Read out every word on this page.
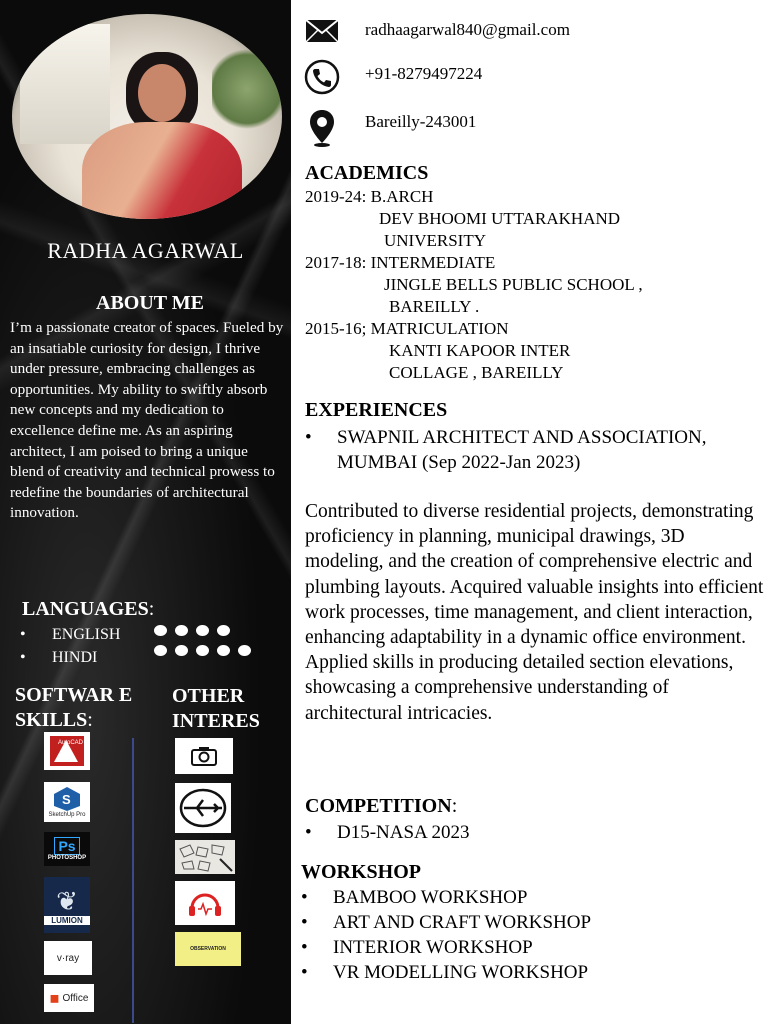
RADHA AGARWAL
ABOUT ME
I’m a passionate creator of spaces. Fueled by an insatiable curiosity for design, I thrive under pressure, embracing challenges as opportunities. My ability to swiftly absorb new concepts and my dedication to excellence define me. As an aspiring architect, I am poised to bring a unique blend of creativity and technical prowess to redefine the boundaries of architectural innovation.
LANGUAGES:
•	ENGLISH
•	HINDI
SOFTWAR E SKILLS:
OTHER INTERES
AutoCAD
S
SketchUp Pro
Ps
PHOTOSHOP
❦
LUMION
v·ray
◼ Office
OBSERVATION
radhaagarwal840@gmail.com
+91-8279497224
Bareilly-243001
ACADEMICS
2019-24: B.ARCH
DEV BHOOMI UTTARAKHAND
UNIVERSITY
2017-18: INTERMEDIATE
JINGLE BELLS PUBLIC SCHOOL ,
BAREILLY .
2015-16; MATRICULATION
KANTI KAPOOR INTER
COLLAGE , BAREILLY
EXPERIENCES
• SWAPNIL ARCHITECT AND ASSOCIATION, MUMBAI (Sep 2022-Jan 2023)
Contributed to diverse residential projects, demonstrating proficiency in planning, municipal drawings, 3D modeling, and the creation of comprehensive electric and plumbing layouts. Acquired valuable insights into efficient work processes, time management, and client interaction, enhancing adaptability in a dynamic office environment. Applied skills in producing detailed section elevations, showcasing a comprehensive understanding of architectural intricacies.
COMPETITION:
•	D15-NASA 2023
WORKSHOP
•	BAMBOO WORKSHOP
•	ART AND CRAFT WORKSHOP
•	INTERIOR WORKSHOP
•	VR MODELLING WORKSHOP
